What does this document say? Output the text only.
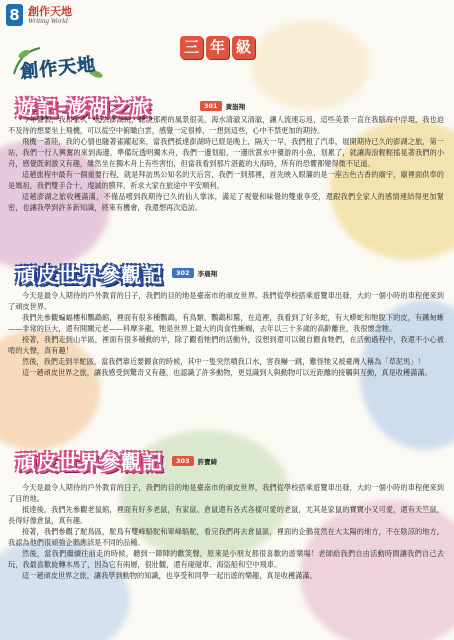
8 創作天地
Writing World
創作天地
三 年 級
遊記-澎湖之旅	301	黃詣翔

今年暑假，我和家人一起去澎湖玩，聽說那裡的風景很美，海水清澈又清澈，讓人流連忘返，這些美景一直在我腦海中浮現，我也迫不及待的想要坐上飛機，可以從空中俯瞰白雲，感覺一定很棒，一想到這些，心中不禁更加的期待。

飛機一著陸，我的心情也隨著雀躍起來，當我們抵達澎湖時已經是晚上，隔天一早，我們租了汽車，展開期待已久的澎湖之旅，第一站，我們一行人興奮的來到海邊，準備玩透明獨木舟，我們一邊划船，一邊欣賞水中優游的小魚，划累了，就讓海浪輕輕搖晃著我們的小舟，感覺既刺激又有趣，雖然坐在獨木舟上有些害怕，但當我看到那片湛藍的大海時，所有的恐懼都變得微不足道。

這趟旅程中最有一個重要行程，就是拜訪馬公知名的天后宮，我們一到那裡，首先映入眼簾的是一座古色古香的廟宇，廟裡面供奉的是媽祖，我們雙手合十，虔誠的膜拜，祈求大家在旅途中平安順利。

這趟澎湖之旅收穫滿滿，不僅品嚐到我期待已久的仙人掌冰，滿足了視覺和味覺的雙重享受，還跟我們全家人的感情連結得更加緊密，也讓我學到許多新知識，將來有機會，我還想再次造訪。

頑皮世界參觀記	302	李晨翔

今天是最令人期待的戶外教育的日子，我們的目的地是臺南市的頑皮世界。我們從學校搭乘遊覽車出發，大約一個小時的車程便來到了頑皮世界。

我們先參觀蝙蝠樓和鸚鵡館，裡面有很多種鸚鵡，有鳥類、鸚鵡和鷲，在這裡，我看到了好多蛇，有大蟒蛇和牠脫下的皮，有鐵甸蜥——非常的巨大，還有開關元老——科摩多龍，牠是世界上最大的肉食性蜥蜴，去年以三十多歲的高齡離世，我很懷念牠。

接著，我們走到山羊區，裡面有很多種動的羊，除了觀看牠們的活動外，沒想到還可以親自餵食牠們，在活動過程中，我還不小心被啃的大聲，真有趣！

然後，我們走到羊駝區，當我們靠近要餵食的時候，其中一隻突然噴我口水，害我嚇一跳，難怪牠又被臺灣人稱為「草泥馬」！

這一趟頑皮世界之旅，讓我感受到驚奇又有趣，也認識了許多動物，更見識到人與動物可以近距離的接觸與互動，真是收穫滿滿。

頑皮世界參觀記	303	許寶綺

今天是最令人期待的戶外教育的日子，我們的目的地是臺南市的頑皮世界，我們從學校搭乘遊覽車出發，大約一個小時的車程便來到了目的地。

抵達後，我們先參觀老鼠館，裡面有好多老鼠，有家鼠、倉鼠還有各式各樣可愛的老鼠，尤其是家鼠的寶寶小又可愛，還有天竺鼠，長得好像倉鼠，真有趣。

接著，我們參觀了駝鳥區，駝鳥有雙峰駱駝和單峰駱駝，看完我們再去倉鼠區，裡面的企鵝竟然在大太陽的地方，不在陰涼的地方，我認為他們很頑強企鵝應該是不同的品種。

然後，當我們繼續往前走的時候，聽到一陣陣的歡笑聲，原來是小朋友都很喜歡的遊樂場！老師給我們自由活動時間讓我們自己去玩，我最喜歡旋轉木馬了，因為它有兩層，很壯觀，還有碰碰車、海盜船和空中飛車。

這一趟頑皮世界之旅，讓我學到動物的知識，也享受和同學一起出遊的樂趣，真是收穫滿滿。
